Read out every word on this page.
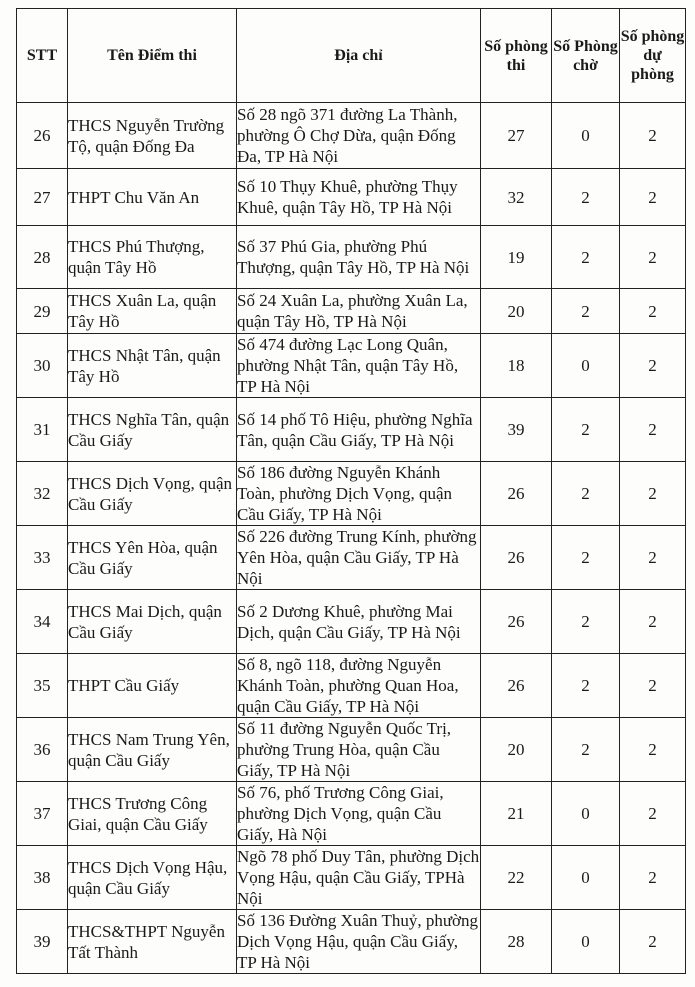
STT	Tên Điểm thi	Địa chỉ	Số phòng thi	Số Phòng chờ	Số phòng dự phòng
26	THCS Nguyễn Trường Tộ, quận Đống Đa	Số 28 ngõ 371 đường La Thành, phường Ô Chợ Dừa, quận Đống Đa, TP Hà Nội	27	0	2
27	THPT Chu Văn An	Số 10 Thụy Khuê, phường Thụy Khuê, quận Tây Hồ, TP Hà Nội	32	2	2
28	THCS Phú Thượng, quận Tây Hồ	Số 37 Phú Gia, phường Phú Thượng, quận Tây Hồ, TP Hà Nội	19	2	2
29	THCS Xuân La, quận Tây Hồ	Số 24 Xuân La, phường Xuân La, quận Tây Hồ, TP Hà Nội	20	2	2
30	THCS Nhật Tân, quận Tây Hồ	Số 474 đường Lạc Long Quân, phường Nhật Tân, quận Tây Hồ, TP Hà Nội	18	0	2
31	THCS Nghĩa Tân, quận Cầu Giấy	Số 14 phố Tô Hiệu, phường Nghĩa Tân, quận Cầu Giấy, TP Hà Nội	39	2	2
32	THCS Dịch Vọng, quận Cầu Giấy	Số 186 đường Nguyễn Khánh Toàn, phường Dịch Vọng, quận Cầu Giấy, TP Hà Nội	26	2	2
33	THCS Yên Hòa, quận Cầu Giấy	Số 226 đường Trung Kính, phường Yên Hòa, quận Cầu Giấy, TP Hà Nội	26	2	2
34	THCS Mai Dịch, quận Cầu Giấy	Số 2 Dương Khuê, phường Mai Dịch, quận Cầu Giấy, TP Hà Nội	26	2	2
35	THPT Cầu Giấy	Số 8, ngõ 118, đường Nguyễn Khánh Toàn, phường Quan Hoa, quận Cầu Giấy, TP Hà Nội	26	2	2
36	THCS Nam Trung Yên, quận Cầu Giấy	Số 11 đường Nguyễn Quốc Trị, phường Trung Hòa, quận Cầu Giấy, TP Hà Nội	20	2	2
37	THCS Trương Công Giai, quận Cầu Giấy	Số 76, phố Trương Công Giai, phường Dịch Vọng, quận Cầu Giấy, Hà Nội	21	0	2
38	THCS Dịch Vọng Hậu, quận Cầu Giấy	Ngõ 78 phố Duy Tân, phường Dịch Vọng Hậu, quận Cầu Giấy, TPHà Nội	22	0	2
39	THCS&THPT Nguyễn Tất Thành	Số 136 Đường Xuân Thuỷ, phường Dịch Vọng Hậu, quận Cầu Giấy, TP Hà Nội	28	0	2
